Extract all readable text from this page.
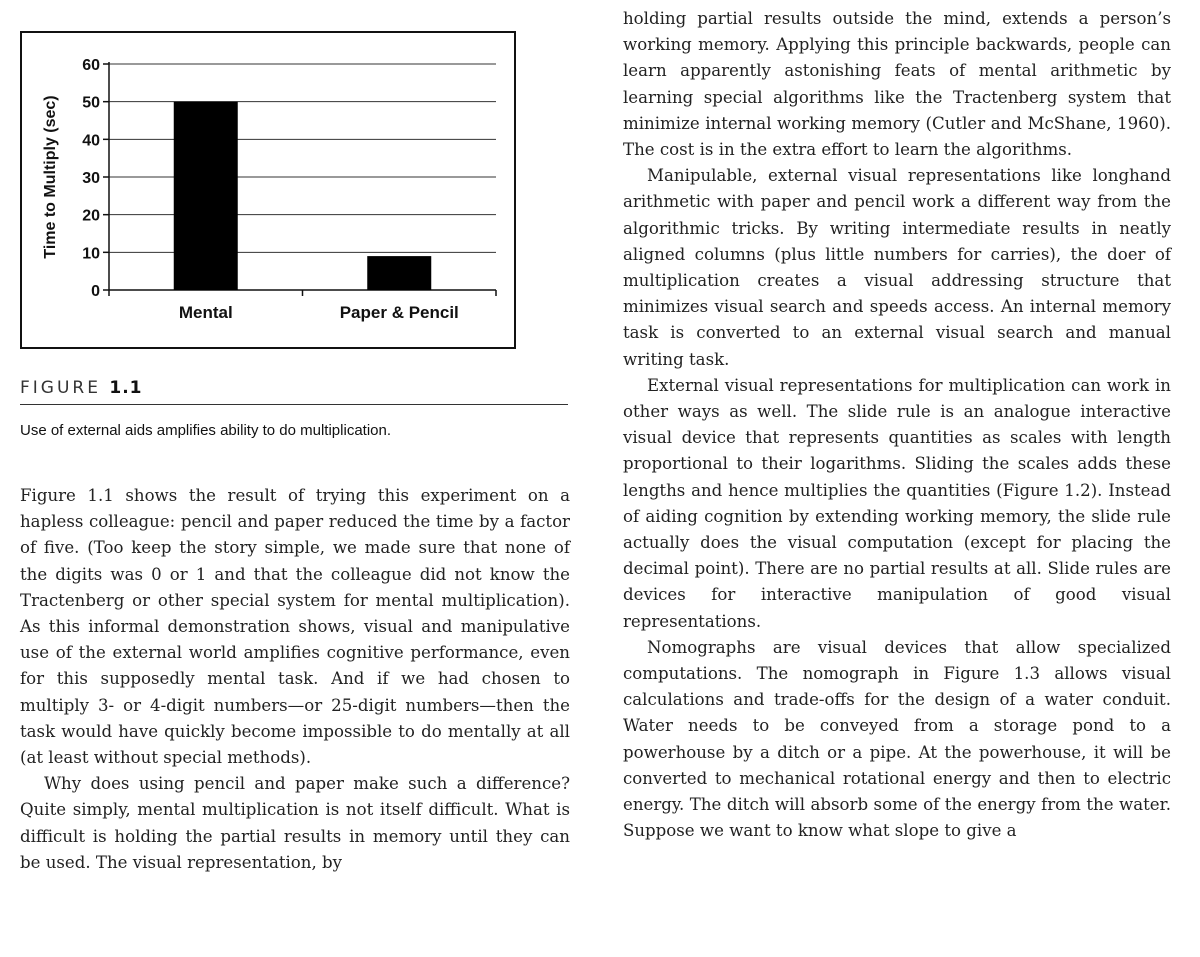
0
10
20
30
40
50
60
Mental	Paper & Pencil
Time to Multiply (sec)
FIGURE 1.1
Use of external aids amplifies ability to do multiplication.

Figure 1.1 shows the result of trying this experiment on a hapless colleague: pencil and paper reduced the time by a factor of five. (Too keep the story simple, we made sure that none of the digits was 0 or 1 and that the colleague did not know the Tractenberg or other special system for mental multiplication). As this informal demonstration shows, visual and manipulative use of the external world amplifies cognitive performance, even for this supposedly mental task. And if we had chosen to multiply 3- or 4-digit numbers—or 25-digit numbers—then the task would have quickly become impossible to do mentally at all (at least without special methods).

Why does using pencil and paper make such a difference? Quite simply, mental multiplication is not itself difficult. What is difficult is holding the partial results in memory until they can be used. The visual representation, by

holding partial results outside the mind, extends a person’s working memory. Applying this principle backwards, people can learn apparently astonishing feats of mental arithmetic by learning special algorithms like the Tractenberg system that minimize internal working memory (Cutler and McShane, 1960). The cost is in the extra effort to learn the algorithms.

Manipulable, external visual representations like longhand arithmetic with paper and pencil work a different way from the algorithmic tricks. By writing intermediate results in neatly aligned columns (plus little numbers for carries), the doer of multiplication creates a visual addressing structure that minimizes visual search and speeds access. An internal memory task is converted to an external visual search and manual writing task.

External visual representations for multiplication can work in other ways as well. The slide rule is an analogue interactive visual device that represents quantities as scales with length proportional to their logarithms. Sliding the scales adds these lengths and hence multiplies the quantities (Figure 1.2). Instead of aiding cognition by extending working memory, the slide rule actually does the visual computation (except for placing the decimal point). There are no partial results at all. Slide rules are devices for interactive manipulation of good visual representations.

Nomographs are visual devices that allow specialized computations. The nomograph in Figure 1.3 allows visual calculations and trade-offs for the design of a water conduit. Water needs to be conveyed from a storage pond to a powerhouse by a ditch or a pipe. At the powerhouse, it will be converted to mechanical rotational energy and then to electric energy. The ditch will absorb some of the energy from the water. Suppose we want to know what slope to give a
